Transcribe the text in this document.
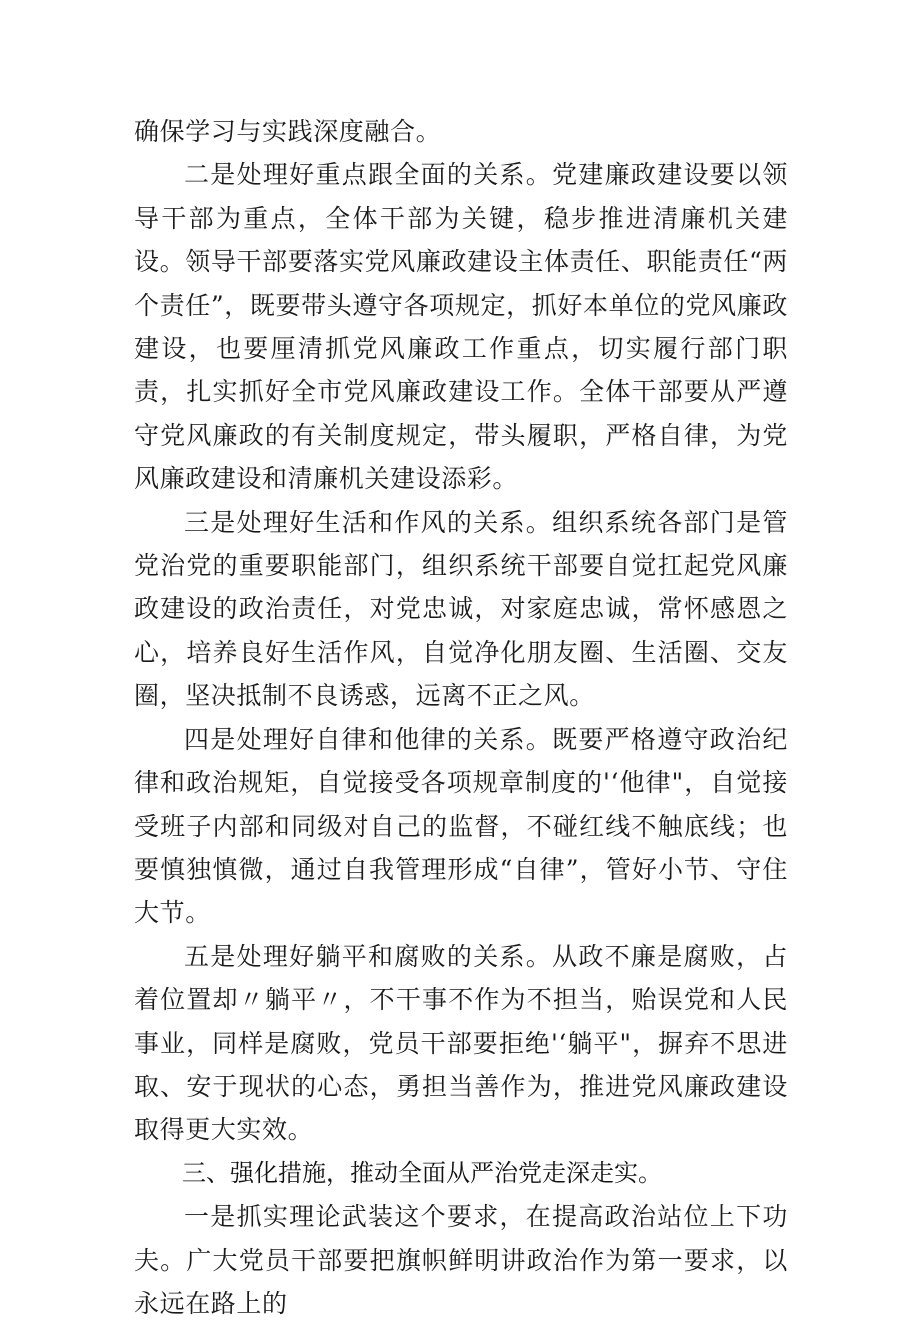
确保学习与实践深度融合。

二是处理好重点跟全面的关系。党建廉政建设要以领导干部为重点，全体干部为关键，稳步推进清廉机关建设。领导干部要落实党风廉政建设主体责任、职能责任“两个责任”，既要带头遵守各项规定，抓好本单位的党风廉政建设，也要厘清抓党风廉政工作重点，切实履行部门职责，扎实抓好全市党风廉政建设工作。全体干部要从严遵守党风廉政的有关制度规定，带头履职，严格自律，为党风廉政建设和清廉机关建设添彩。

三是处理好生活和作风的关系。组织系统各部门是管党治党的重要职能部门，组织系统干部要自觉扛起党风廉政建设的政治责任，对党忠诚，对家庭忠诚，常怀感恩之心，培养良好生活作风，自觉净化朋友圈、生活圈、交友圈，坚决抵制不良诱惑，远离不正之风。

四是处理好自律和他律的关系。既要严格遵守政治纪律和政治规矩，自觉接受各项规章制度的'‘他律"，自觉接受班子内部和同级对自己的监督，不碰红线不触底线；也要慎独慎微，通过自我管理形成“自律”，管好小节、守住大节。

五是处理好躺平和腐败的关系。从政不廉是腐败，占着位置却〃躺平〃，不干事不作为不担当，贻误党和人民事业，同样是腐败，党员干部要拒绝'‘躺平"，摒弃不思进取、安于现状的心态，勇担当善作为，推进党风廉政建设取得更大实效。

三、强化措施，推动全面从严治党走深走实。

一是抓实理论武装这个要求，在提高政治站位上下功夫。广大党员干部要把旗帜鲜明讲政治作为第一要求，以永远在路上的
